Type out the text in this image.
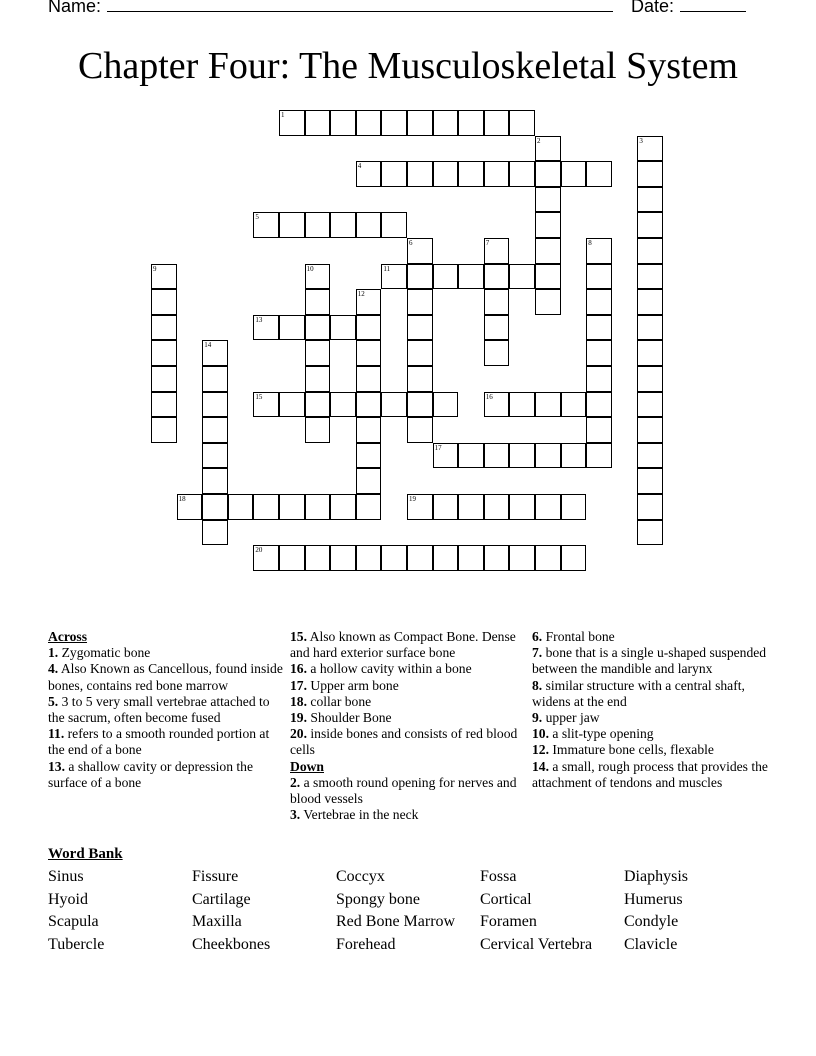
Name:	Date:
Chapter Four: The Musculoskeletal System
1
4
5
11
13
15	16
17
18	19
20
2	3
6	7	8
9	10
12
14

Across

1. Zygomatic bone

4. Also Known as Cancellous, found inside bones, contains red bone marrow

5. 3 to 5 very small vertebrae attached to the sacrum, often become fused

11. refers to a smooth rounded portion at the end of a bone

13. a shallow cavity or depression the surface of a bone

15. Also known as Compact Bone. Dense and hard exterior surface bone

16. a hollow cavity within a bone

17. Upper arm bone

18. collar bone

19. Shoulder Bone

20. inside bones and consists of red blood cells

Down

2. a smooth round opening for nerves and blood vessels

3. Vertebrae in the neck

6. Frontal bone

7. bone that is a single u-shaped suspended between the mandible and larynx

8. similar structure with a central shaft, widens at the end

9. upper jaw

10. a slit-type opening

12. Immature bone cells, flexable

14. a small, rough process that provides the attachment of tendons and muscles

Word Bank
Sinus	Fissure	Coccyx	Fossa	Diaphysis
Hyoid	Cartilage	Spongy bone	Cortical	Humerus
Scapula	Maxilla	Red Bone Marrow	Foramen	Condyle
Tubercle	Cheekbones	Forehead	Cervical Vertebra	Clavicle
